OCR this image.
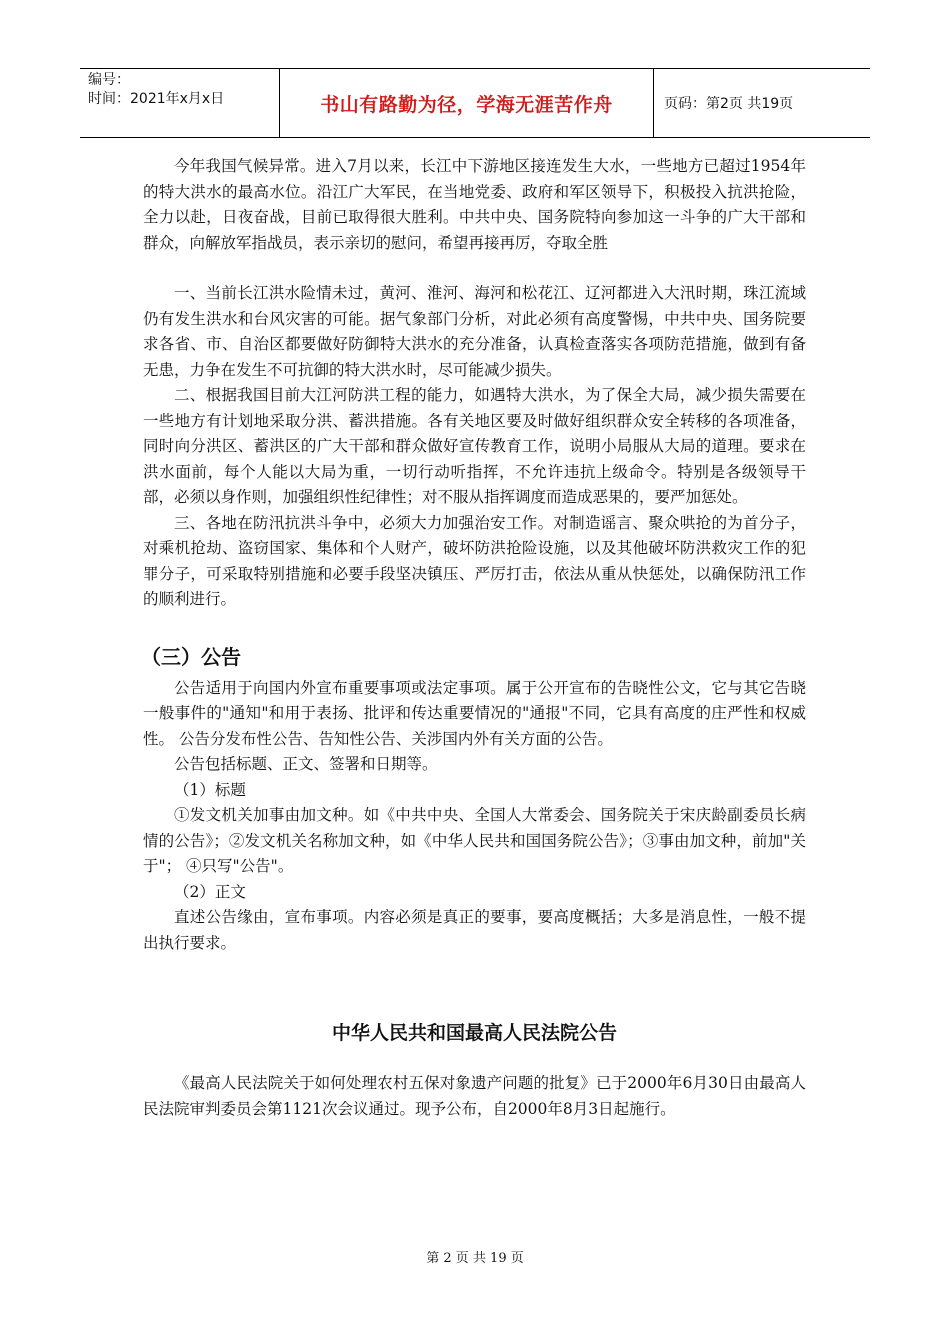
编号：
时间：2021年x月x日	书山有路勤为径，学海无涯苦作舟	页码：第2页 共19页

今年我国气候异常。进入7月以来，长江中下游地区接连发生大水，一些地方已超过1954年的特大洪水的最高水位。沿江广大军民，在当地党委、政府和军区领导下，积极投入抗洪抢险，全力以赴，日夜奋战，目前已取得很大胜利。中共中央、国务院特向参加这一斗争的广大干部和群众，向解放军指战员，表示亲切的慰问，希望再接再厉，夺取全胜

一、当前长江洪水险情未过，黄河、淮河、海河和松花江、辽河都进入大汛时期，珠江流域仍有发生洪水和台风灾害的可能。据气象部门分析，对此必须有高度警惕，中共中央、国务院要求各省、市、自治区都要做好防御特大洪水的充分准备，认真检查落实各项防范措施，做到有备无患，力争在发生不可抗御的特大洪水时，尽可能减少损失。

二、根据我国目前大江河防洪工程的能力，如遇特大洪水，为了保全大局，减少损失需要在一些地方有计划地采取分洪、蓄洪措施。各有关地区要及时做好组织群众安全转移的各项准备，同时向分洪区、蓄洪区的广大干部和群众做好宣传教育工作，说明小局服从大局的道理。要求在洪水面前，每个人能以大局为重，一切行动听指挥，不允许违抗上级命令。特别是各级领导干部，必须以身作则，加强组织性纪律性；对不服从指挥调度而造成恶果的，要严加惩处。

三、各地在防汛抗洪斗争中，必须大力加强治安工作。对制造谣言、聚众哄抢的为首分子，对乘机抢劫、盗窃国家、集体和个人财产，破坏防洪抢险设施，以及其他破坏防洪救灾工作的犯罪分子，可采取特别措施和必要手段坚决镇压、严厉打击，依法从重从快惩处，以确保防汛工作的顺利进行。

（三）公告

公告适用于向国内外宣布重要事项或法定事项。属于公开宣布的告晓性公文，它与其它告晓一般事件的"通知"和用于表扬、批评和传达重要情况的"通报"不同，它具有高度的庄严性和权威性。 公告分发布性公告、告知性公告、关涉国内外有关方面的公告。

公告包括标题、正文、签署和日期等。

（1）标题

①发文机关加事由加文种。如《中共中央、全国人大常委会、国务院关于宋庆龄副委员长病情的公告》；②发文机关名称加文种，如《中华人民共和国国务院公告》；③事由加文种，前加"关于"； ④只写"公告"。

（2）正文

直述公告缘由，宣布事项。内容必须是真正的要事，要高度概括；大多是消息性，一般不提出执行要求。

中华人民共和国最高人民法院公告

《最高人民法院关于如何处理农村五保对象遗产问题的批复》已于2000年6月30日由最高人民法院审判委员会第1121次会议通过。现予公布，自2000年8月3日起施行。

第 2 页 共 19 页
